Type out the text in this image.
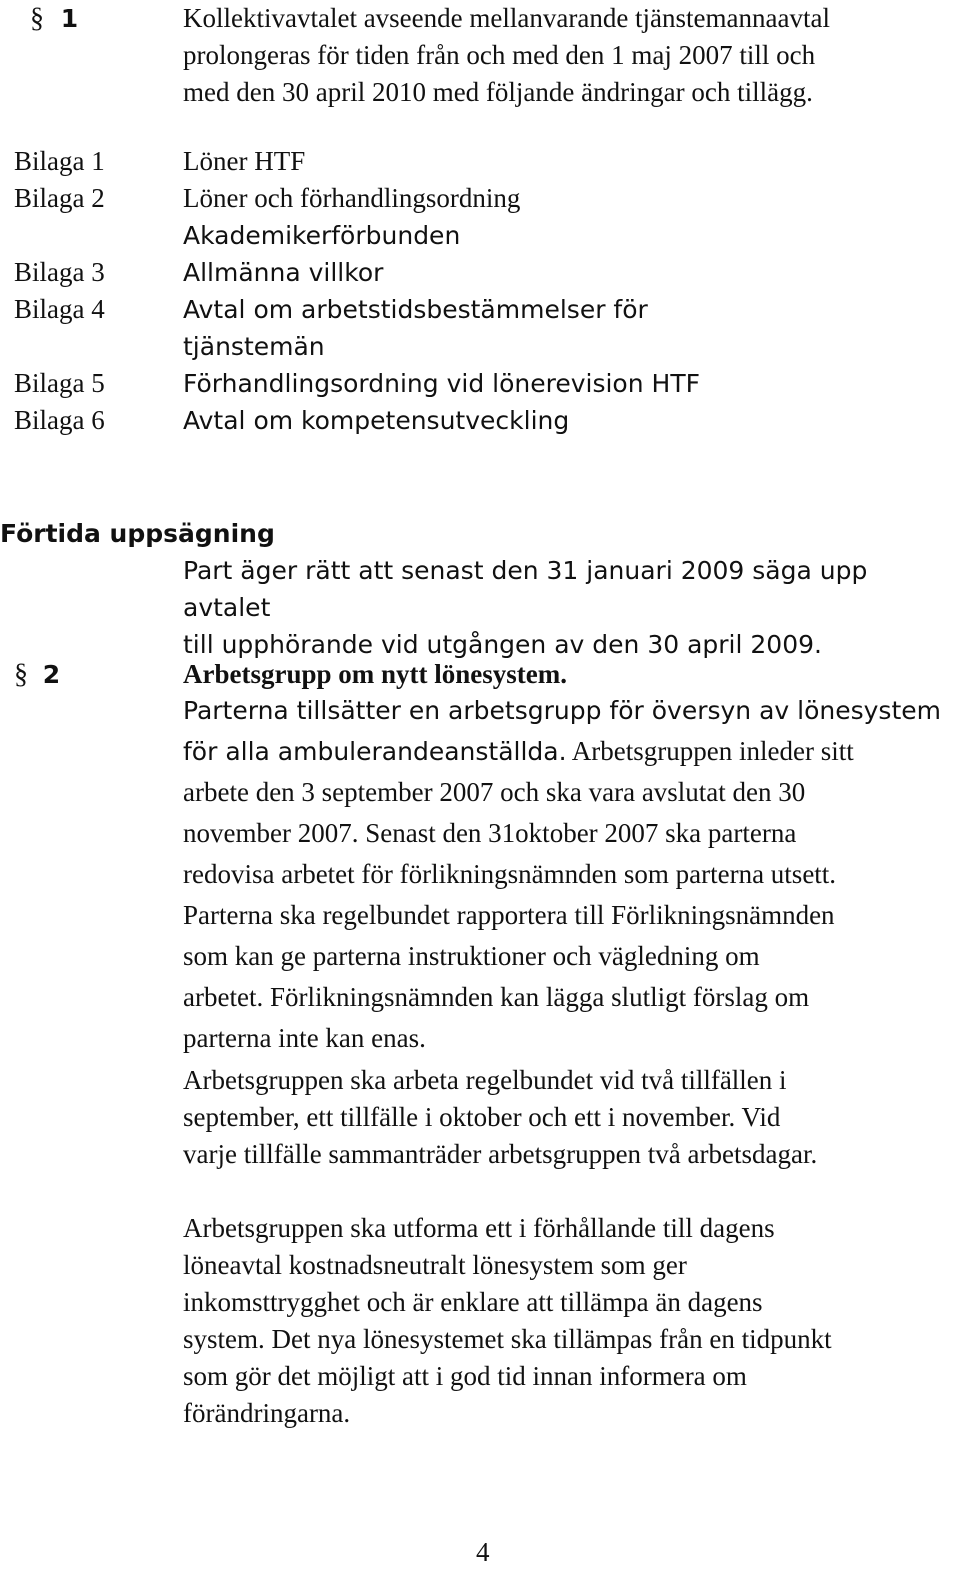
§ 1	Kollektivavtalet avseende mellanvarande tjänstemannaavtal
prolongeras för tiden från och med den 1 maj 2007 till och
med den 30 april 2010 med följande ändringar och tillägg.
Bilaga 1
Bilaga 2

Bilaga 3
Bilaga 4

Bilaga 5
Bilaga 6
Löner HTF
Löner och förhandlingsordning
Akademikerförbunden
Allmänna villkor
Avtal om arbetstidsbestämmelser för
tjänstemän
Förhandlingsordning vid lönerevision HTF
Avtal om kompetensutveckling
Förtida uppsägning
Part äger rätt att senast den 31 januari 2009 säga upp avtalet
till upphörande vid utgången av den 30 april 2009.
§ 2	Arbetsgrupp om nytt lönesystem.
Parterna tillsätter en arbetsgrupp för översyn av lönesystem
för alla ambulerandeanställda. Arbetsgruppen inleder sitt
arbete den 3 september 2007 och ska vara avslutat den 30
november 2007. Senast den 31oktober 2007 ska parterna
redovisa arbetet för förlikningsnämnden som parterna utsett.
Parterna ska regelbundet rapportera till Förlikningsnämnden
som kan ge parterna instruktioner och vägledning om
arbetet. Förlikningsnämnden kan lägga slutligt förslag om
parterna inte kan enas.
Arbetsgruppen ska arbeta regelbundet vid två tillfällen i
september, ett tillfälle i oktober och ett i november. Vid
varje tillfälle sammanträder arbetsgruppen två arbetsdagar.
Arbetsgruppen ska utforma ett i förhållande till dagens
löneavtal kostnadsneutralt lönesystem som ger
inkomsttrygghet och är enklare att tillämpa än dagens
system. Det nya lönesystemet ska tillämpas från en tidpunkt
som gör det möjligt att i god tid innan informera om
förändringarna.
4
